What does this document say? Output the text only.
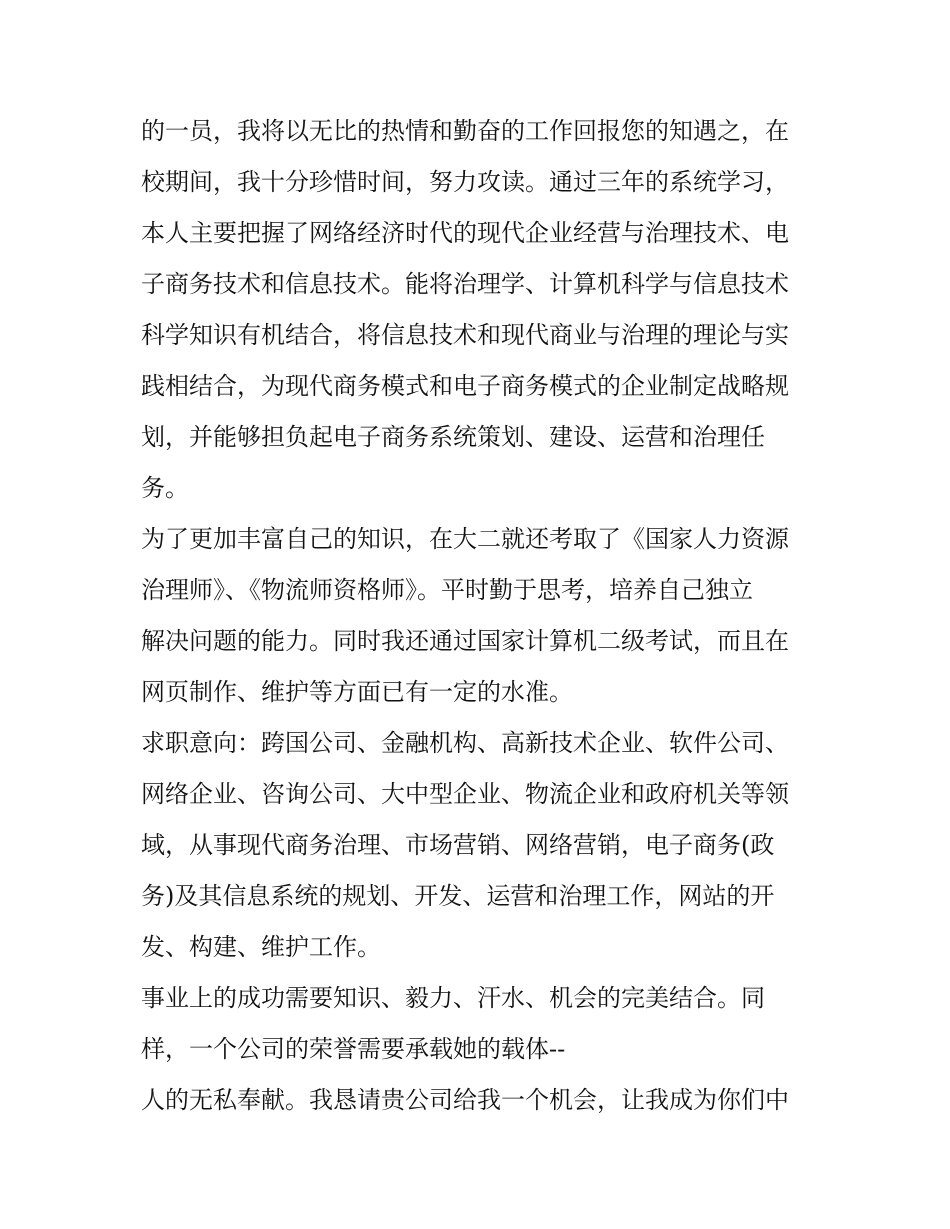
的一员，我将以无比的热情和勤奋的工作回报您的知遇之，在
校期间，我十分珍惜时间，努力攻读。通过三年的系统学习，
本人主要把握了网络经济时代的现代企业经营与治理技术、电
子商务技术和信息技术。能将治理学、计算机科学与信息技术
科学知识有机结合，将信息技术和现代商业与治理的理论与实
践相结合，为现代商务模式和电子商务模式的企业制定战略规
划，并能够担负起电子商务系统策划、建设、运营和治理任
务。
为了更加丰富自己的知识，在大二就还考取了《国家人力资源
治理师》、《物流师资格师》。平时勤于思考，培养自己独立
解决问题的能力。同时我还通过国家计算机二级考试，而且在
网页制作、维护等方面已有一定的水准。
求职意向：跨国公司、金融机构、高新技术企业、软件公司、
网络企业、咨询公司、大中型企业、物流企业和政府机关等领
域，从事现代商务治理、市场营销、网络营销，电子商务(政
务)及其信息系统的规划、开发、运营和治理工作，网站的开
发、构建、维护工作。
事业上的成功需要知识、毅力、汗水、机会的完美结合。同
样，一个公司的荣誉需要承载她的载体--
人的无私奉献。我恳请贵公司给我一个机会，让我成为你们中
